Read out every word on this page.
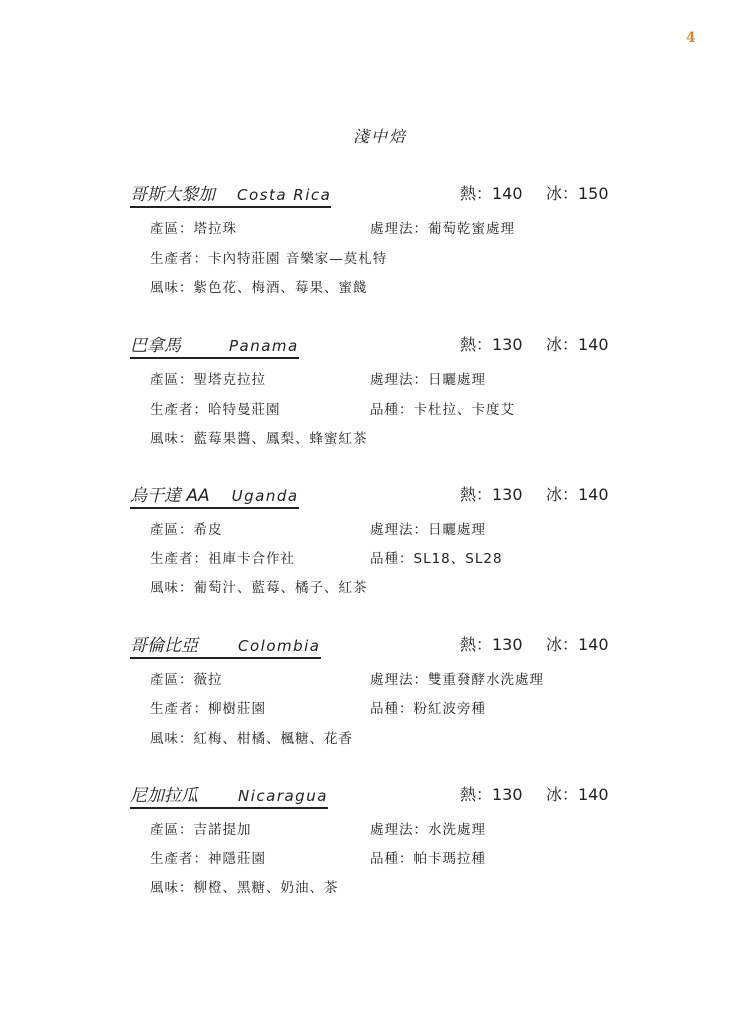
4
淺中焙
哥斯大黎加 Costa Rica	熱：140 冰：150
產區：塔拉珠	處理法：葡萄乾蜜處理
生產者：卡內特莊園 音樂家—莫札特
風味：紫色花、梅酒、莓果、蜜餞
巴拿馬	Panama	熱：130 冰：140
產區：聖塔克拉拉	處理法：日曬處理
生產者：哈特曼莊園	品種：卡杜拉、卡度艾
風味：藍莓果醬、鳳梨、蜂蜜紅茶
烏干達 AA Uganda	熱：130 冰：140
產區：希皮	處理法：日曬處理
生產者：祖庫卡合作社	品種：SL18、SL28
風味：葡萄汁、藍莓、橘子、紅茶
哥倫比亞	Colombia	熱：130 冰：140
產區：薇拉	處理法：雙重發酵水洗處理
生產者：柳樹莊園	品種：粉紅波旁種
風味：紅梅、柑橘、楓糖、花香
尼加拉瓜	Nicaragua	熱：130 冰：140
產區：吉諾提加	處理法：水洗處理
生產者：神隱莊園	品種：帕卡瑪拉種
風味：柳橙、黑糖、奶油、茶
